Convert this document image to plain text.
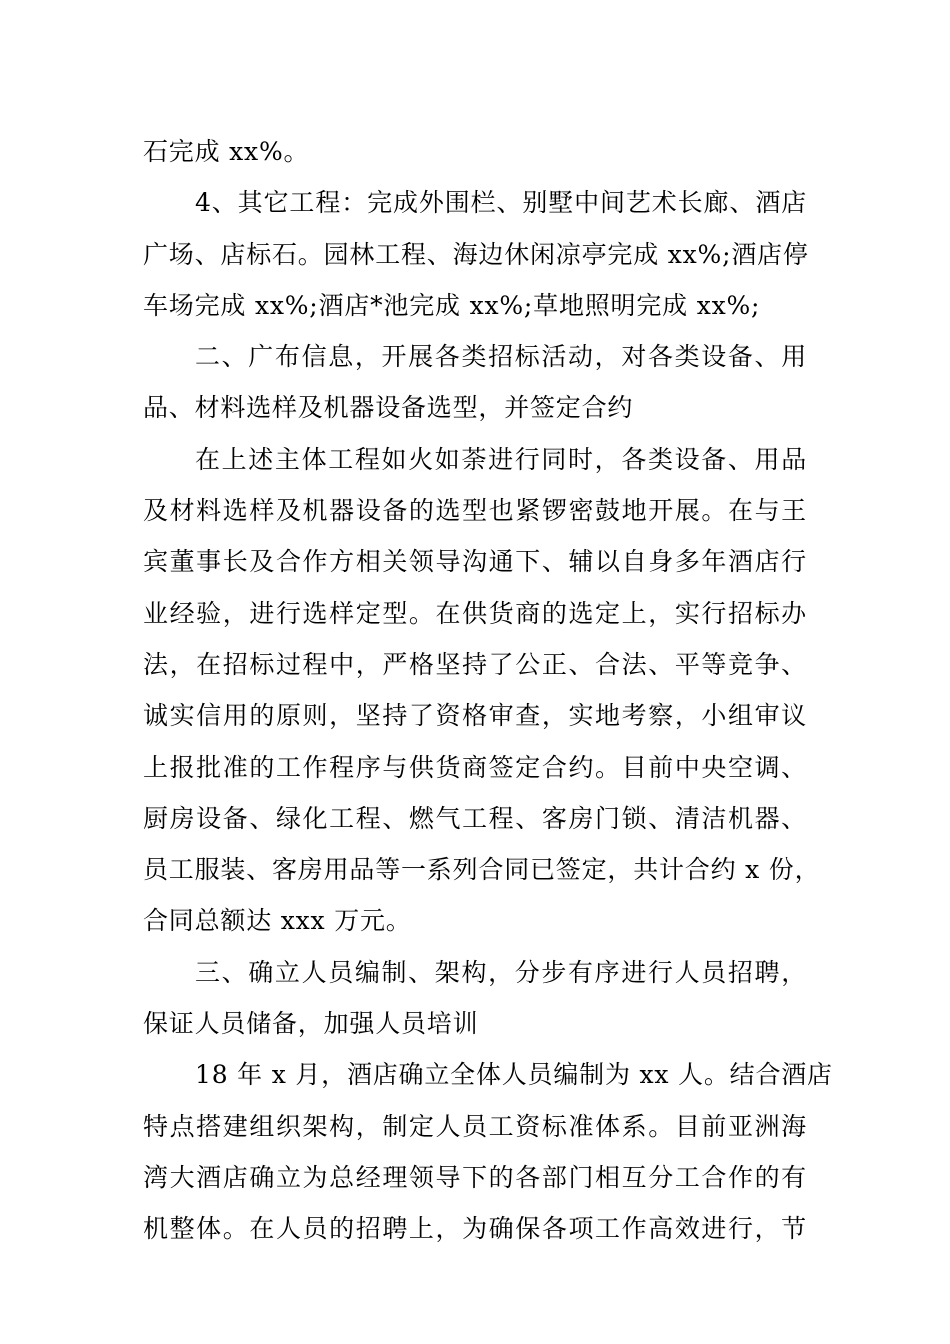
石完成 xx%。
4、其它工程：完成外围栏、别墅中间艺术长廊、酒店
广场、店标石。园林工程、海边休闲凉亭完成 xx%;酒店停
车场完成 xx%;酒店*池完成 xx%;草地照明完成 xx%;
二、广布信息，开展各类招标活动，对各类设备、用
品、材料选样及机器设备选型，并签定合约
在上述主体工程如火如荼进行同时，各类设备、用品
及材料选样及机器设备的选型也紧锣密鼓地开展。在与王
宾董事长及合作方相关领导沟通下、辅以自身多年酒店行
业经验，进行选样定型。在供货商的选定上，实行招标办
法，在招标过程中，严格坚持了公正、合法、平等竞争、
诚实信用的原则，坚持了资格审查，实地考察，小组审议
上报批准的工作程序与供货商签定合约。目前中央空调、
厨房设备、绿化工程、燃气工程、客房门锁、清洁机器、
员工服装、客房用品等一系列合同已签定，共计合约 x 份，
合同总额达 xxx 万元。
三、确立人员编制、架构，分步有序进行人员招聘，
保证人员储备，加强人员培训
18 年 x 月，酒店确立全体人员编制为 xx 人。结合酒店
特点搭建组织架构，制定人员工资标准体系。目前亚洲海
湾大酒店确立为总经理领导下的各部门相互分工合作的有
机整体。在人员的招聘上，为确保各项工作高效进行，节
